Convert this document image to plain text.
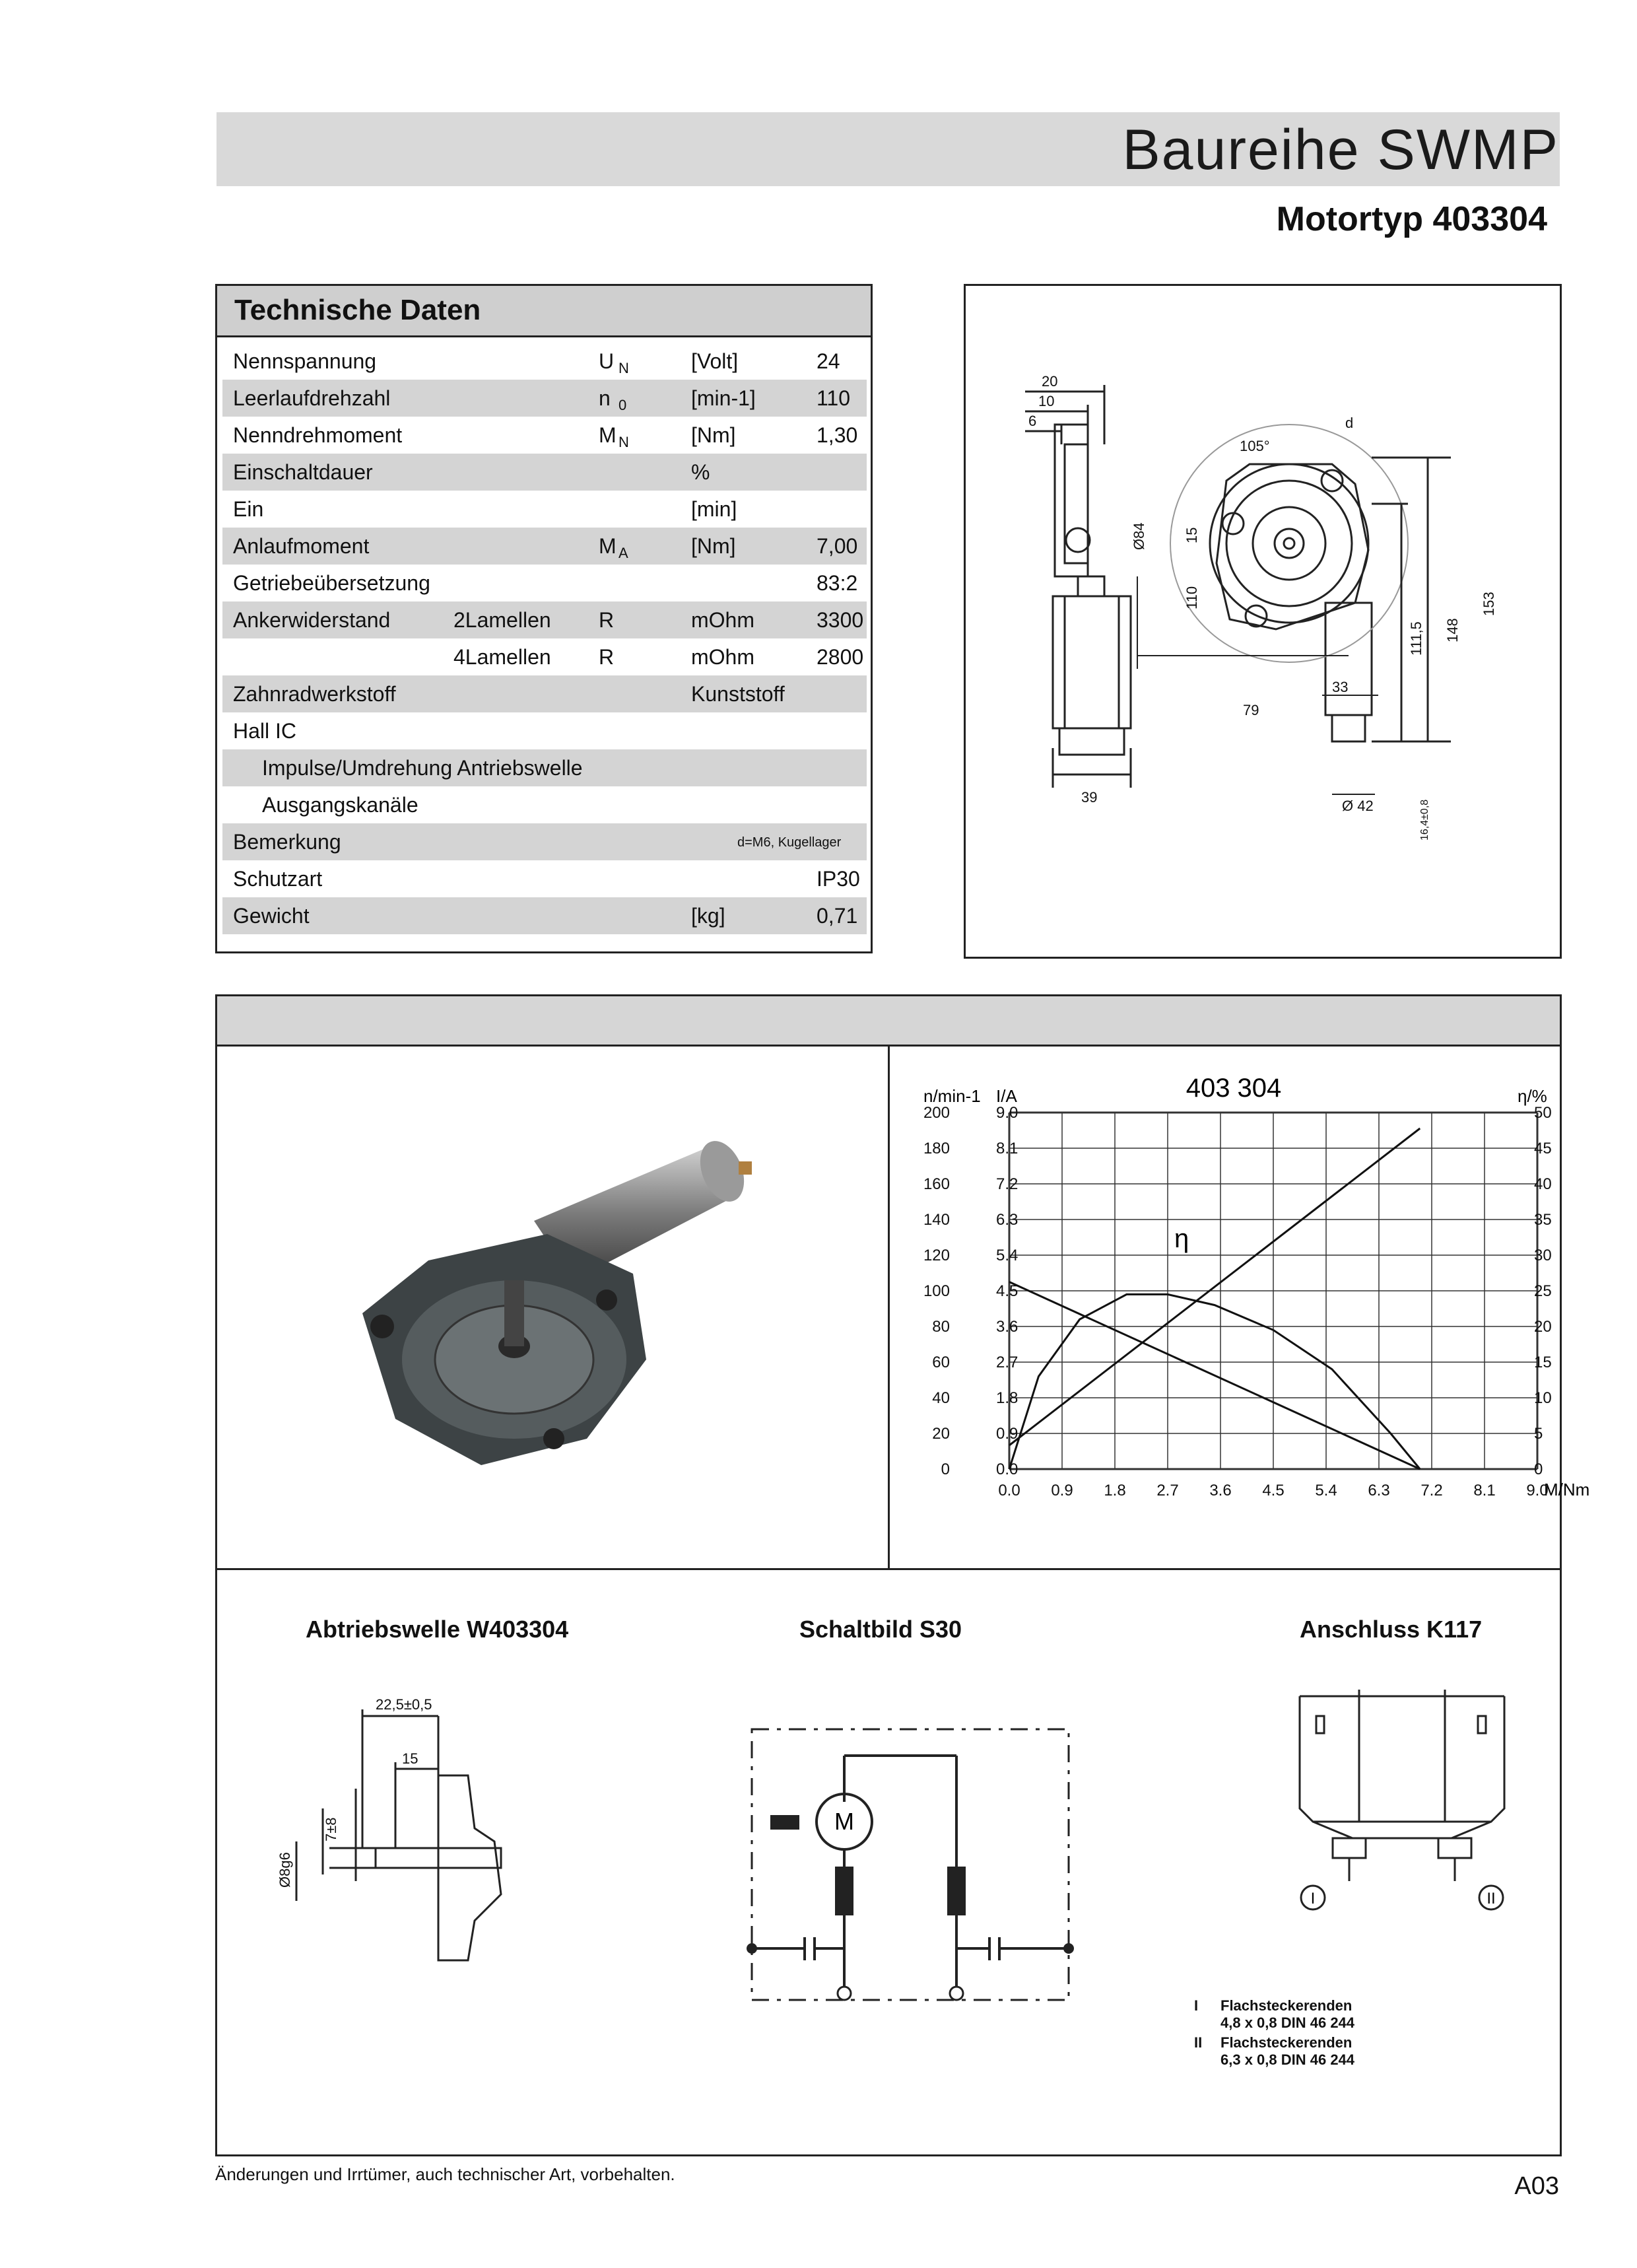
Baureihe SWMP
Motortyp 403304
Technische Daten
Nennspannung	U N	[Volt]	24
Leerlaufdrehzahl	n 0	[min-1]	110
Nenndrehmoment	M N	[Nm]	1,30
Einschaltdauer	%
Ein	[min]
Anlaufmoment	M A	[Nm]	7,00
Getriebeübersetzung	83:2
Ankerwiderstand	2Lamellen R	mOhm	3300
4Lamellen R	mOhm	2800
Zahnradwerkstoff	Kunststoff
Hall IC
Impulse/Umdrehung Antriebswelle
Ausgangskanäle
Bemerkung	d=M6, Kugellager
Schutzart	IP30
Gewicht	[kg]	0,71
20
10
6
105°
d
Ø84	15
110
79
33
111,5 148
153
39
Ø 42	16,4±0,8
403 304
n/min-1 I/A	η/%
M/Nm
0.0 0.9 1.8 2.7 3.6 4.5 5.4 6.3 7.2 8.1 9.0
0
20
40
60
80
100
120
140
160
180
200
0.0
0.9
1.8
2.7
3.6
4.5
5.4
6.3
7.2
8.1
9.0
0
5
10
15
20
25
30
35
40
45
50
η
Abtriebswelle W403304	Schaltbild S30	Anschluss K117
22,5±0,5
15
7±8
Ø8g6
M
I	II
I Flachsteckerenden
4,8 x 0,8 DIN 46 244
II Flachsteckerenden
6,3 x 0,8 DIN 46 244
Änderungen und Irrtümer, auch technischer Art, vorbehalten.	A03
